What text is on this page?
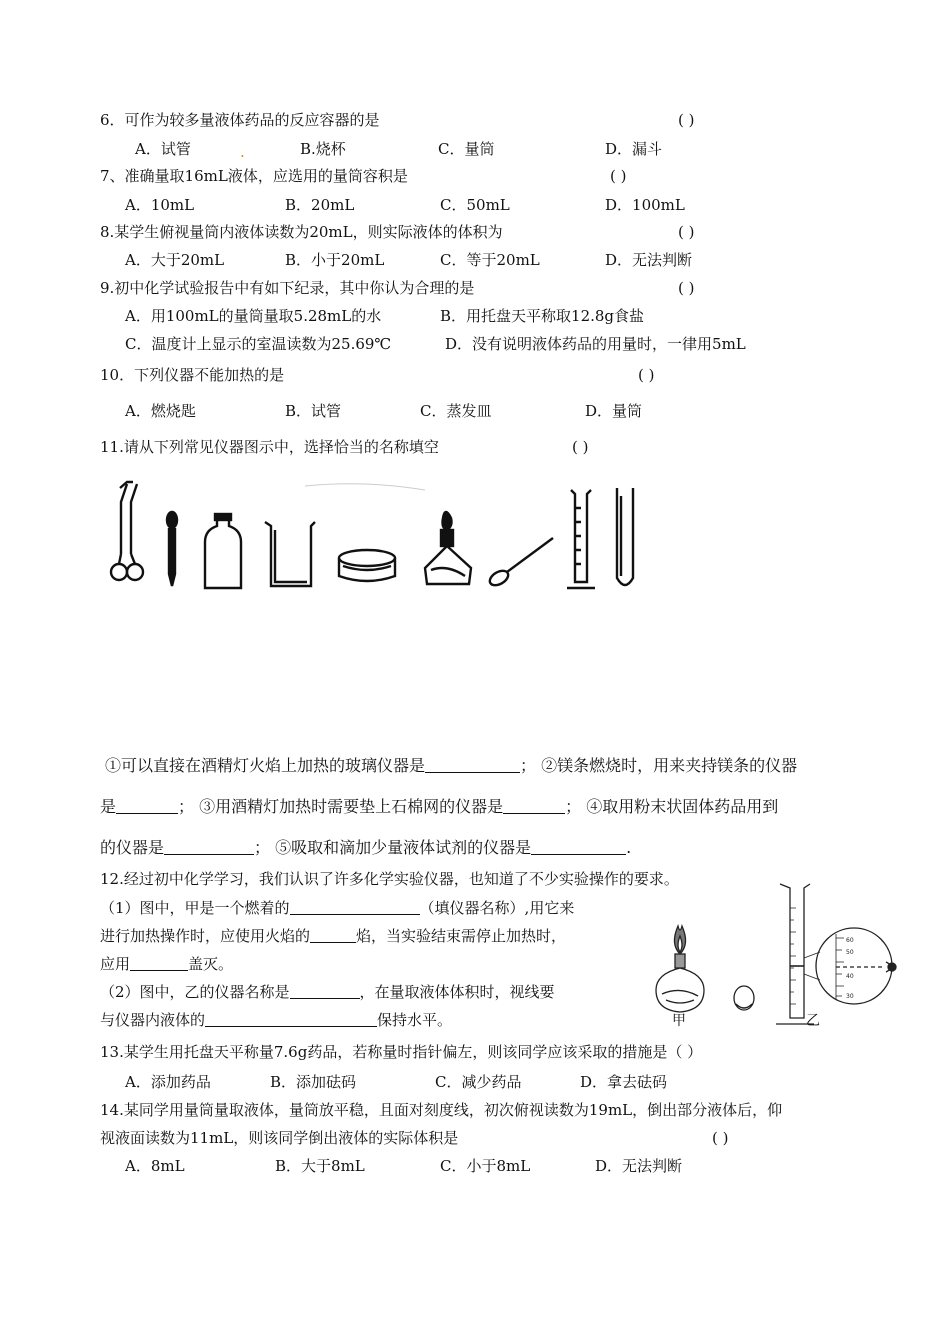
6．可作为较多量液体药品的反应容器的是	( )
A．试管	B.烧杯	C．量筒	D．漏斗
.
7、准确量取16mL液体，应选用的量筒容积是	( )
A．10mL	B．20mL	C．50mL	D．100mL
8.某学生俯视量筒内液体读数为20mL，则实际液体的体积为	( )
A．大于20mL	B．小于20mL	C．等于20mL	D．无法判断
9.初中化学试验报告中有如下纪录，其中你认为合理的是	( )
A．用100mL的量筒量取5.28mL的水	B．用托盘天平称取12.8g食盐
C．温度计上显示的室温读数为25.69℃	D．没有说明液体药品的用量时，一律用5mL
10．下列仪器不能加热的是	( )
A．燃烧匙	B．试管	C．蒸发皿	D．量筒
11.请从下列常见仪器图示中，选择恰当的名称填空	( )
①可以直接在酒精灯火焰上加热的玻璃仪器是	； ②镁条燃烧时，用来夹持镁条的仪器
是	； ③用酒精灯加热时需要垫上石棉网的仪器是	； ④取用粉末状固体药品用到
的仪器是	； ⑤吸取和滴加少量液体试剂的仪器是	.
12.经过初中化学学习，我们认识了许多化学实验仪器，也知道了不少实验操作的要求。
（1）图中，甲是一个燃着的	（填仪器名称）,用它来
进行加热操作时，应使用火焰的	焰，当实验结束需停止加热时，
应用	盖灭。
（2）图中，乙的仪器名称是	，在量取液体体积时，视线要
与仪器内液体的	保持水平。
60
50
40
30
甲	乙
13.某学生用托盘天平称量7.6g药品，若称量时指针偏左，则该同学应该采取的措施是（ ）
A．添加药品	B．添加砝码	C．减少药品	D．拿去砝码
14.某同学用量筒量取液体，量筒放平稳，且面对刻度线，初次俯视读数为19mL，倒出部分液体后，仰
视液面读数为11mL，则该同学倒出液体的实际体积是	( )
A．8mL	B．大于8mL	C．小于8mL	D．无法判断
